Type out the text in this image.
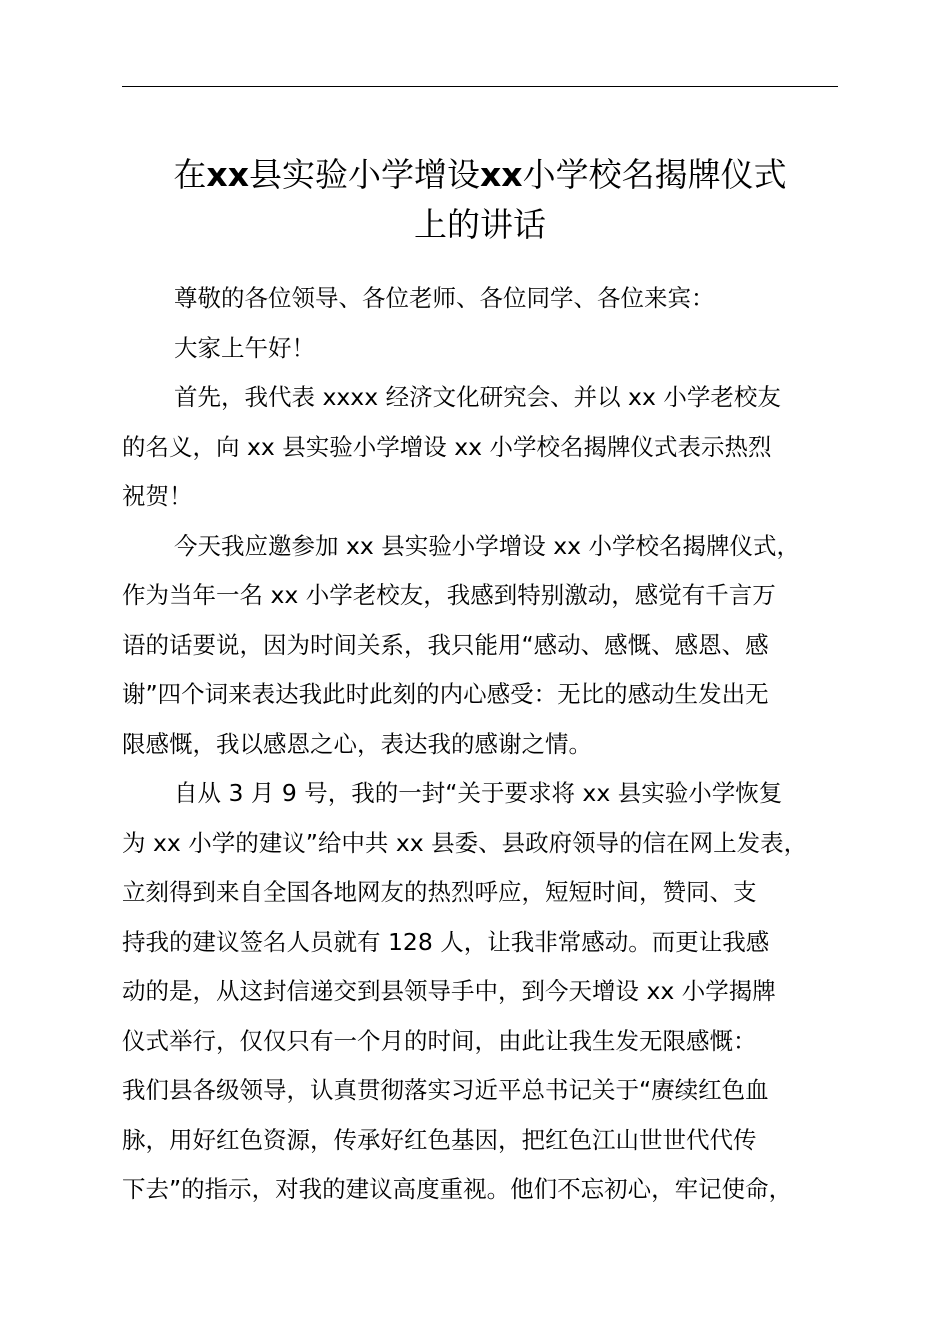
在xx县实验小学增设xx小学校名揭牌仪式
上的讲话

尊敬的各位领导、各位老师、各位同学、各位来宾：

大家上午好！

首先，我代表 xxxx 经济文化研究会、并以 xx 小学老校友
的名义，向 xx 县实验小学增设 xx 小学校名揭牌仪式表示热烈
祝贺！

今天我应邀参加 xx 县实验小学增设 xx 小学校名揭牌仪式，
作为当年一名 xx 小学老校友，我感到特别激动，感觉有千言万
语的话要说，因为时间关系，我只能用“感动、感慨、感恩、感
谢”四个词来表达我此时此刻的内心感受：无比的感动生发出无
限感慨，我以感恩之心，表达我的感谢之情。

自从 3 月 9 号，我的一封“关于要求将 xx 县实验小学恢复
为 xx 小学的建议”给中共 xx 县委、县政府领导的信在网上发表，
立刻得到来自全国各地网友的热烈呼应，短短时间，赞同、支
持我的建议签名人员就有 128 人，让我非常感动。而更让我感
动的是，从这封信递交到县领导手中，到今天增设 xx 小学揭牌
仪式举行，仅仅只有一个月的时间，由此让我生发无限感慨：
我们县各级领导，认真贯彻落实习近平总书记关于“赓续红色血
脉，用好红色资源，传承好红色基因，把红色江山世世代代传
下去”的指示，对我的建议高度重视。他们不忘初心，牢记使命，
